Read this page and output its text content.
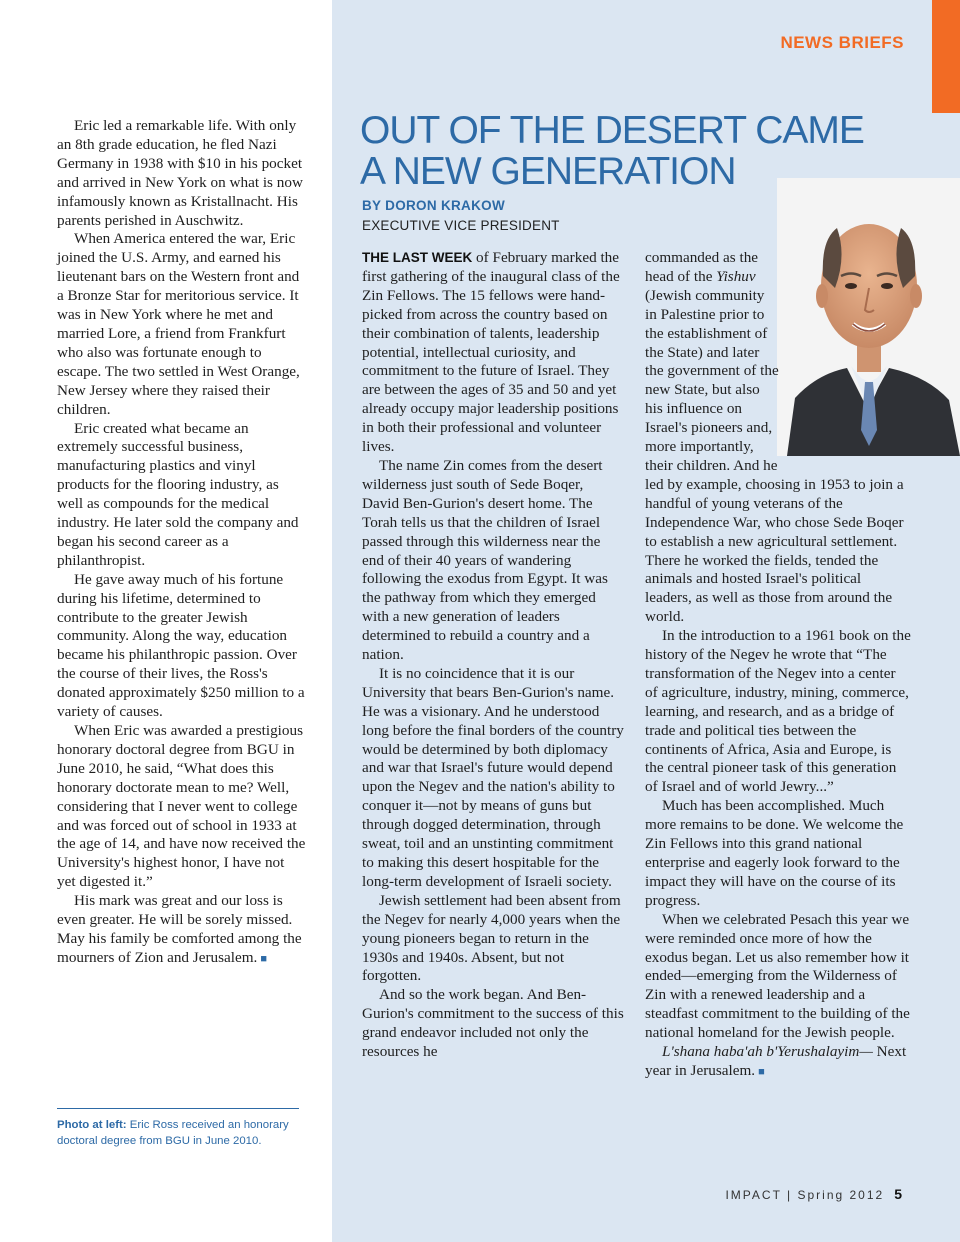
NEWS BRIEFS

Eric led a remarkable life. With only an 8th grade education, he fled Nazi Germany in 1938 with $10 in his pocket and arrived in New York on what is now infamously known as Kristallnacht. His parents perished in Auschwitz.

When America entered the war, Eric joined the U.S. Army, and earned his lieutenant bars on the Western front and a Bronze Star for meritorious service. It was in New York where he met and married Lore, a friend from Frankfurt who also was fortunate enough to escape. The two settled in West Orange, New Jersey where they raised their children.

Eric created what became an extremely successful business, manufacturing plastics and vinyl products for the flooring industry, as well as compounds for the medical industry. He later sold the company and began his second career as a philanthropist.

He gave away much of his fortune during his lifetime, determined to contribute to the greater Jewish community. Along the way, education became his philanthropic passion. Over the course of their lives, the Ross's donated approximately $250 million to a variety of causes.

When Eric was awarded a prestigious honorary doctoral degree from BGU in June 2010, he said, “What does this honorary doctorate mean to me? Well, considering that I never went to college and was forced out of school in 1933 at the age of 14, and have now received the University's highest honor, I have not yet digested it.”

His mark was great and our loss is even greater. He will be sorely missed. May his family be comforted among the mourners of Zion and Jerusalem. ■

Photo at left: Eric Ross received an honorary doctoral degree from BGU in June 2010.
OUT OF THE DESERT CAME
A NEW GENERATION
BY DORON KRAKOW
EXECUTIVE VICE PRESIDENT

THE LAST WEEK of February marked the first gathering of the inaugural class of the Zin Fellows. The 15 fellows were hand-picked from across the country based on their combination of talents, leadership potential, intellectual curiosity, and commitment to the future of Israel. They are between the ages of 35 and 50 and yet already occupy major leadership positions in both their professional and volunteer lives.

The name Zin comes from the desert wilderness just south of Sede Boqer, David Ben-Gurion's desert home. The Torah tells us that the children of Israel passed through this wilderness near the end of their 40 years of wandering following the exodus from Egypt. It was the pathway from which they emerged with a new generation of leaders determined to rebuild a country and a nation.

It is no coincidence that it is our University that bears Ben-Gurion's name. He was a visionary. And he understood long before the final borders of the country would be determined by both diplomacy and war that Israel's future would depend upon the Negev and the nation's ability to conquer it—not by means of guns but through dogged determination, through sweat, toil and an unstinting commitment to making this desert hospitable for the long-term development of Israeli society.

Jewish settlement had been absent from the Negev for nearly 4,000 years when the young pioneers began to return in the 1930s and 1940s. Absent, but not forgotten.

And so the work began. And Ben-Gurion's commitment to the success of this grand endeavor included not only the resources he

commanded as the head of the Yishuv (Jewish community in Palestine prior to the establishment of the State) and later the government of the new State, but also his influence on Israel's pioneers and, more importantly, their children. And he led by example, choosing in 1953 to join a handful of young veterans of the Independence War, who chose Sede Boqer to establish a new agricultural settlement. There he worked the fields, tended the animals and hosted Israel's political leaders, as well as those from around the world.

In the introduction to a 1961 book on the history of the Negev he wrote that “The transformation of the Negev into a center of agriculture, industry, mining, commerce, learning, and research, and as a bridge of trade and political ties between the continents of Africa, Asia and Europe, is the central pioneer task of this generation of Israel and of world Jewry...”

Much has been accomplished. Much more remains to be done. We welcome the Zin Fellows into this grand national enterprise and eagerly look forward to the impact they will have on the course of its progress.

When we celebrated Pesach this year we were reminded once more of how the exodus began. Let us also remember how it ended—emerging from the Wilderness of Zin with a renewed leadership and a steadfast commitment to the building of the national homeland for the Jewish people.

L'shana haba'ah b'Yerushalayim— Next year in Jerusalem. ■

IMPACT | Spring 2012 5
